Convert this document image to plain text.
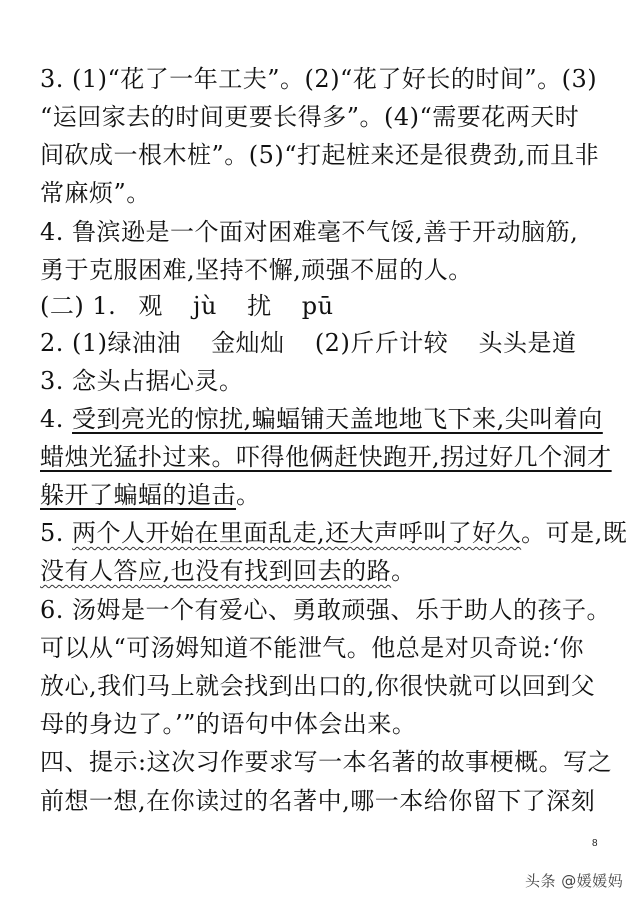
3. (1)“花了一年工夫”。(2)“花了好长的时间”。(3)
“运回家去的时间更要长得多”。(4)“需要花两天时
间砍成一根木桩”。(5)“打起桩来还是很费劲,而且非
常麻烦”。
4. 鲁滨逊是一个面对困难毫不气馁,善于开动脑筋,
勇于克服困难,坚持不懈,顽强不屈的人。
(二) 1. 观 jù 扰 pū
2. (1)绿油油 金灿灿 (2)斤斤计较 头头是道
3. 念头占据心灵。
4. 受到亮光的惊扰,蝙蝠铺天盖地地飞下来,尖叫着向
蜡烛光猛扑过来。吓得他俩赶快跑开,拐过好几个洞才
躲开了蝙蝠的追击。
5. 两个人开始在里面乱走,还大声呼叫了好久。可是,既
没有人答应,也没有找到回去的路。
6. 汤姆是一个有爱心、勇敢顽强、乐于助人的孩子。
可以从“可汤姆知道不能泄气。他总是对贝奇说:‘你
放心,我们马上就会找到出口的,你很快就可以回到父
母的身边了。’”的语句中体会出来。
四、提示:这次习作要求写一本名著的故事梗概。写之
前想一想,在你读过的名著中,哪一本给你留下了深刻
8
头条 @媛媛妈
